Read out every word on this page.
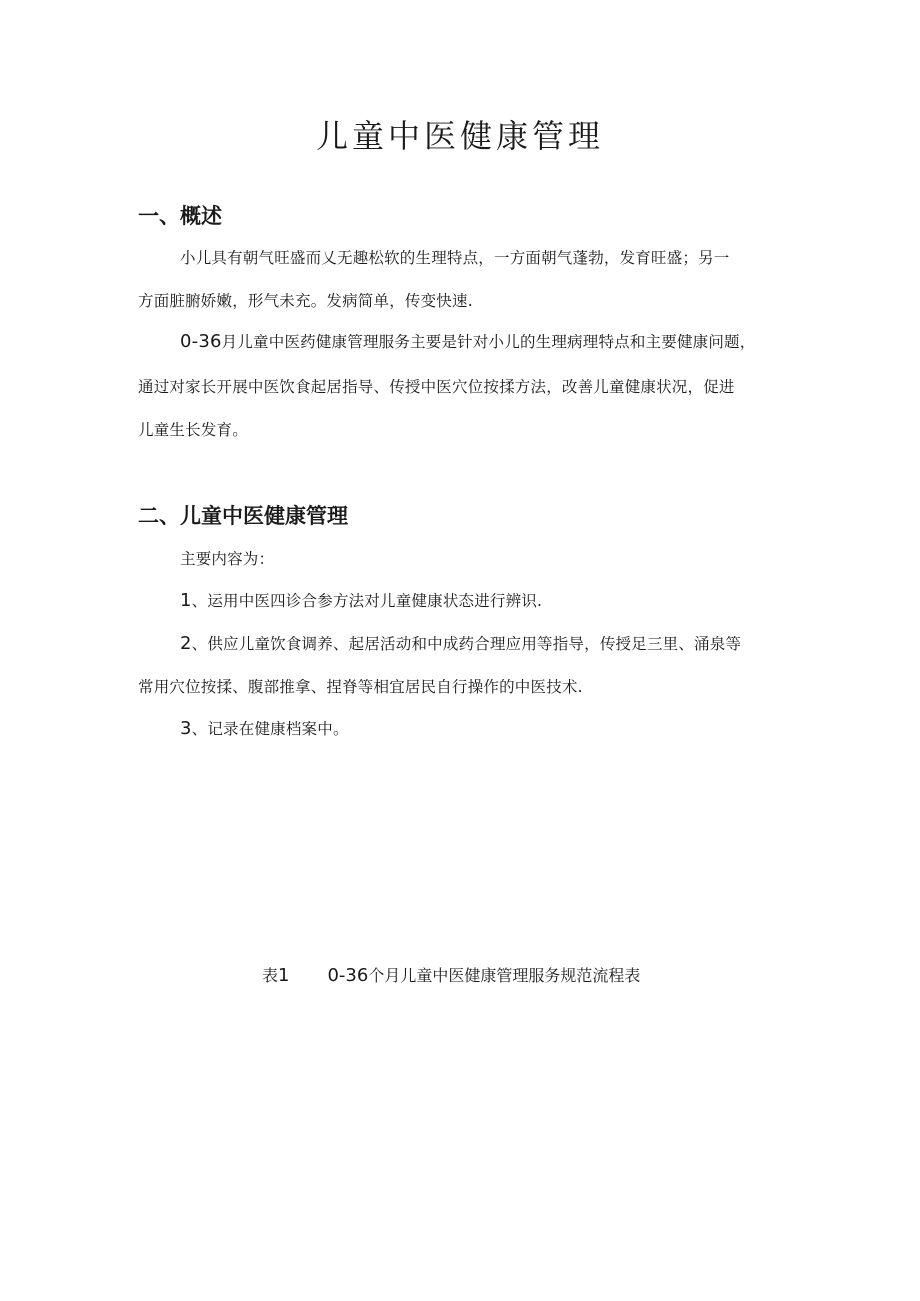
儿童中医健康管理
一、概述

小儿具有朝气旺盛而乂无趣松软的生理特点，一方面朝气蓬勃，发育旺盛；另一

方面脏腑娇嫩，形气未充。发病简单，传变快速.

0-36月儿童中医药健康管理服务主要是针对小儿的生理病理特点和主要健康问题，

通过对家长开展中医饮食起居指导、传授中医穴位按揉方法，改善儿童健康状况，促进

儿童生长发育。

二、儿童中医健康管理

主要内容为：

1、运用中医四诊合参方法对儿童健康状态进行辨识.

2、供应儿童饮食调养、起居活动和中成药合理应用等指导，传授足三里、涌泉等

常用穴位按揉、腹部推拿、捏脊等相宜居民自行操作的中医技术.

3、记录在健康档案中。

表1 0-36个月儿童中医健康管理服务规范流程表
